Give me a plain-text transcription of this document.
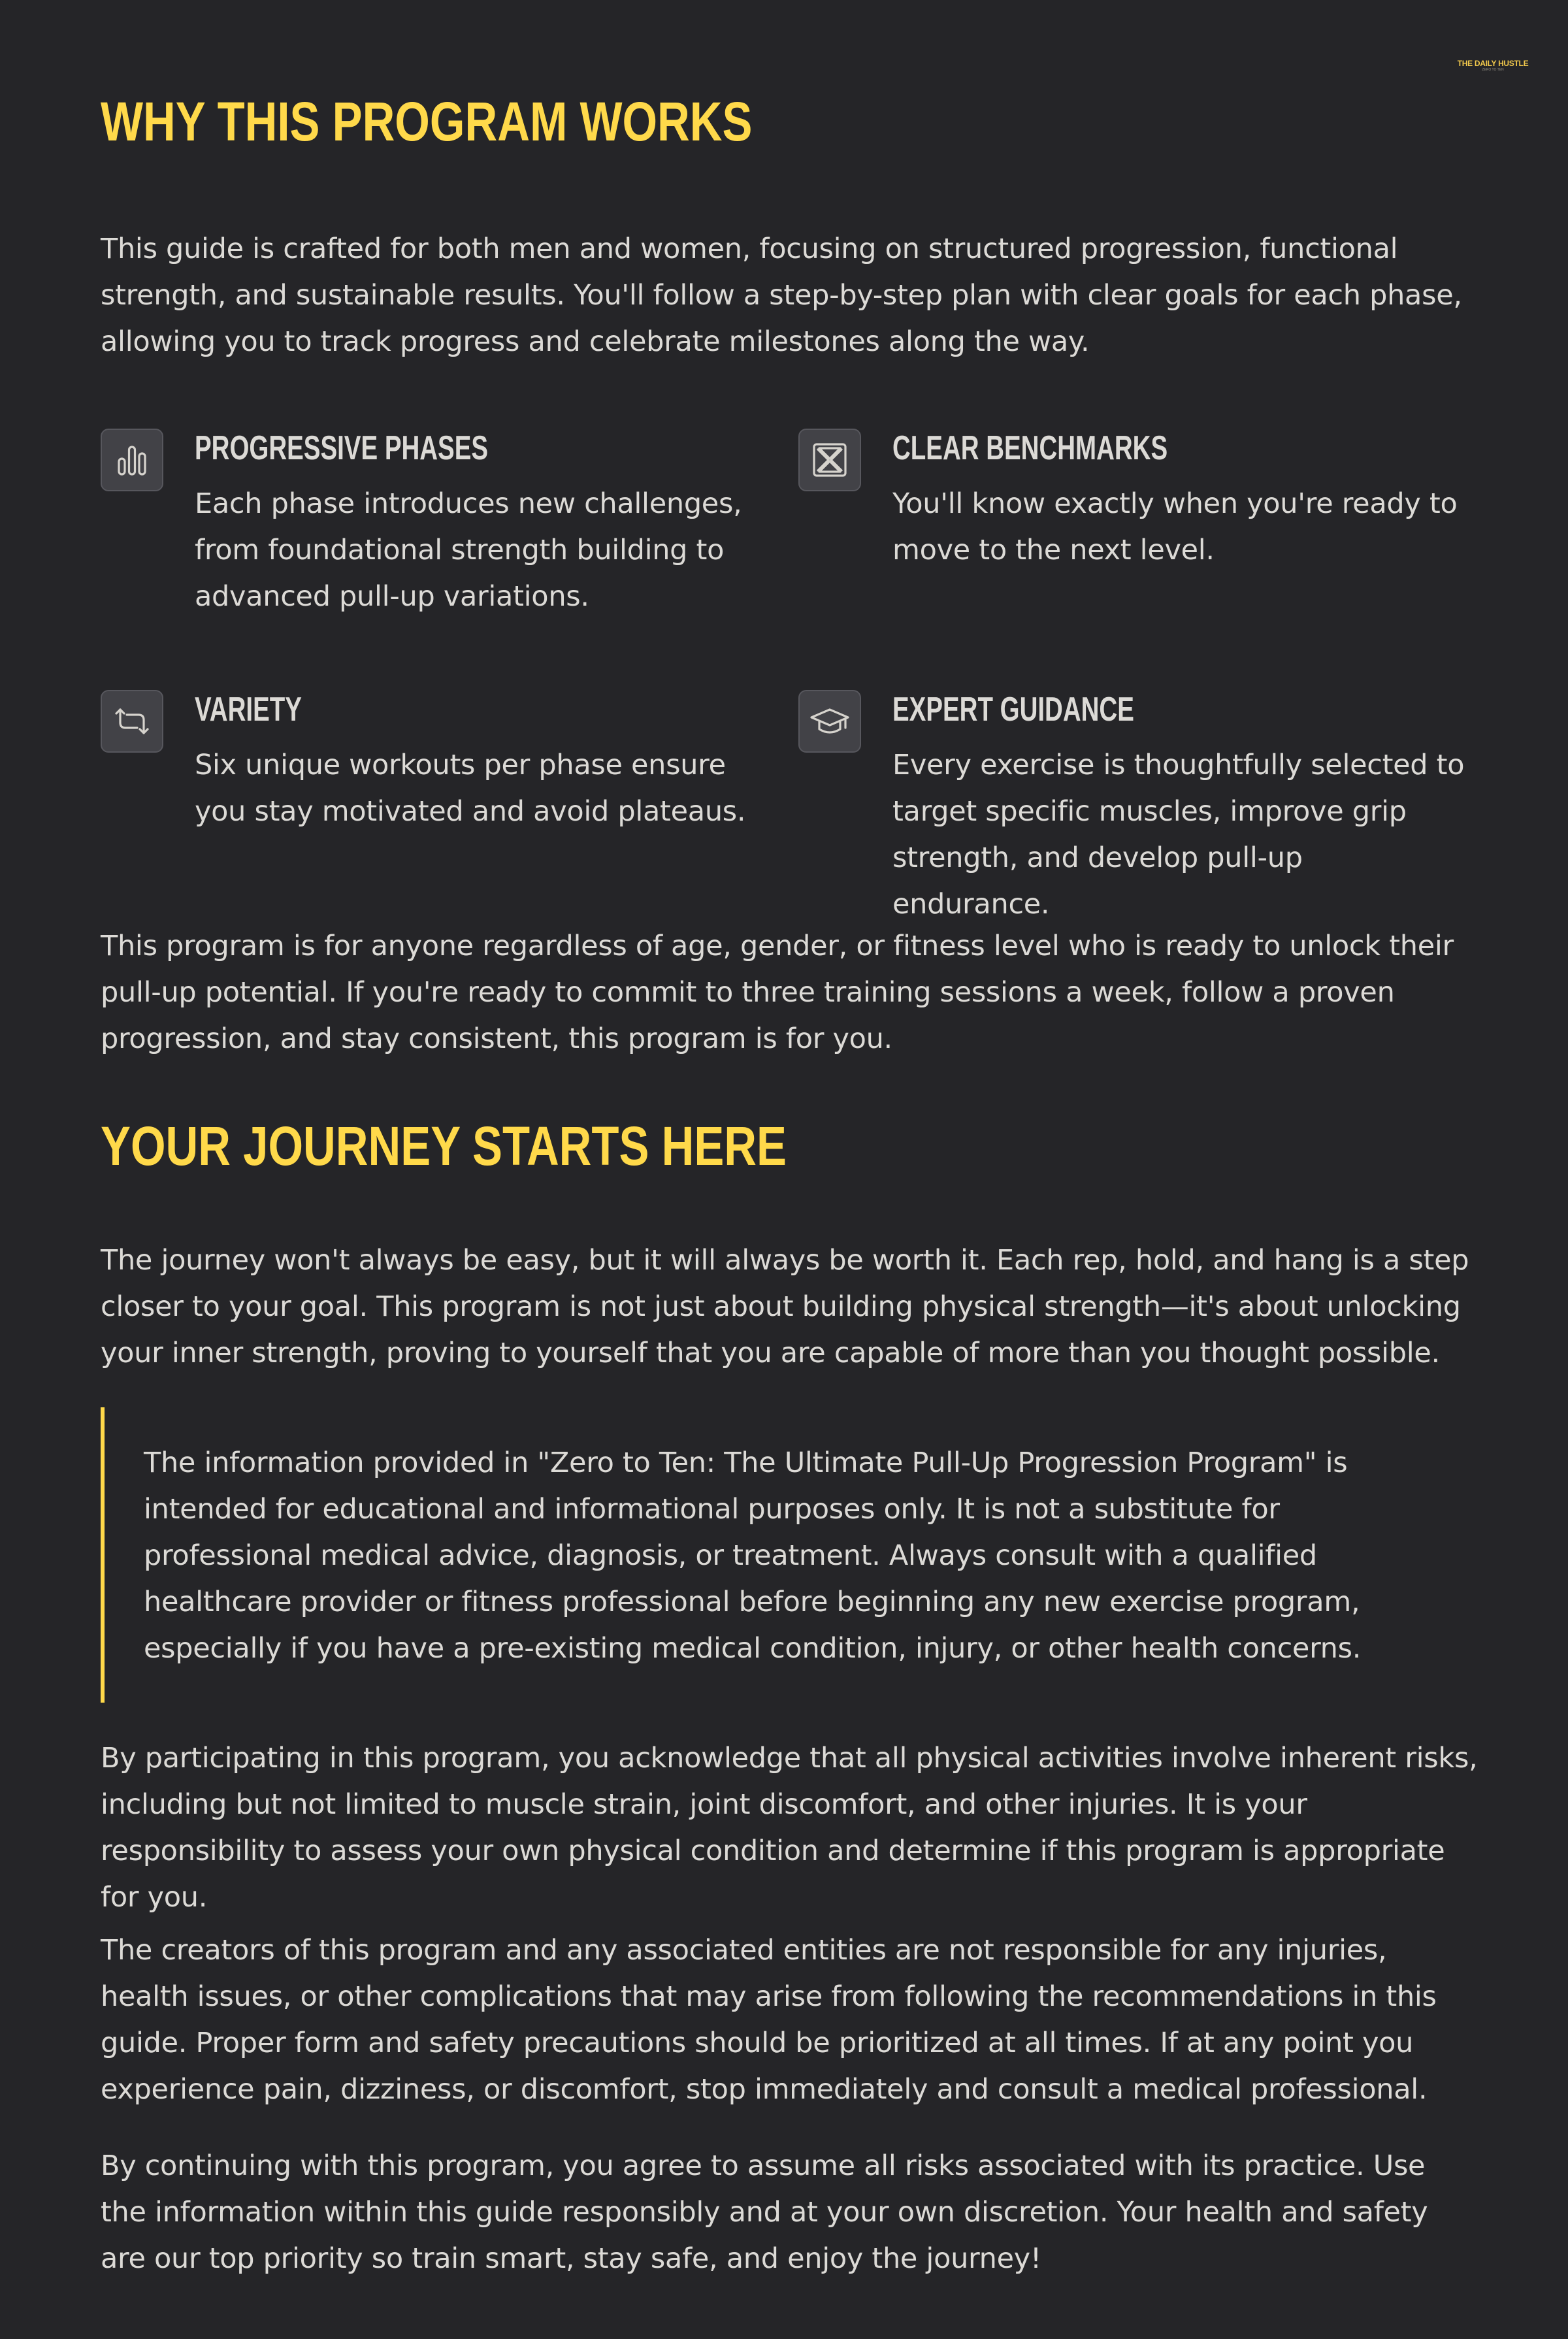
THE DAILY HUSTLE
ZERO TO TEN
WHY THIS PROGRAM WORKS

This guide is crafted for both men and women, focusing on structured progression, functional strength, and sustainable results. You'll follow a step-by-step plan with clear goals for each phase, allowing you to track progress and celebrate milestones along the way.

PROGRESSIVE PHASES

Each phase introduces new challenges, from foundational strength building to advanced pull-up variations.

CLEAR BENCHMARKS

You'll know exactly when you're ready to move to the next level.

VARIETY

Six unique workouts per phase ensure you stay motivated and avoid plateaus.

EXPERT GUIDANCE

Every exercise is thoughtfully selected to target specific muscles, improve grip strength, and develop pull-up endurance.

This program is for anyone regardless of age, gender, or fitness level who is ready to unlock their pull-up potential. If you're ready to commit to three training sessions a week, follow a proven progression, and stay consistent, this program is for you.

YOUR JOURNEY STARTS HERE

The journey won't always be easy, but it will always be worth it. Each rep, hold, and hang is a step closer to your goal. This program is not just about building physical strength—it's about unlocking your inner strength, proving to yourself that you are capable of more than you thought possible.

The information provided in "Zero to Ten: The Ultimate Pull-Up Progression Program" is intended for educational and informational purposes only. It is not a substitute for professional medical advice, diagnosis, or treatment. Always consult with a qualified healthcare provider or fitness professional before beginning any new exercise program, especially if you have a pre-existing medical condition, injury, or other health concerns.

By participating in this program, you acknowledge that all physical activities involve inherent risks, including but not limited to muscle strain, joint discomfort, and other injuries. It is your responsibility to assess your own physical condition and determine if this program is appropriate for you.

The creators of this program and any associated entities are not responsible for any injuries, health issues, or other complications that may arise from following the recommendations in this guide. Proper form and safety precautions should be prioritized at all times. If at any point you experience pain, dizziness, or discomfort, stop immediately and consult a medical professional.

By continuing with this program, you agree to assume all risks associated with its practice. Use the information within this guide responsibly and at your own discretion. Your health and safety are our top priority so train smart, stay safe, and enjoy the journey!
